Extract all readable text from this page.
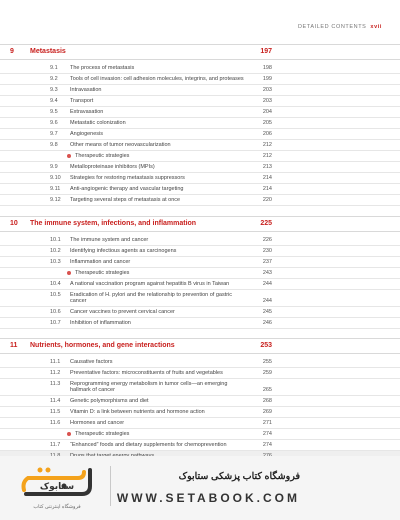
DETAILED CONTENTS xvii
9 Metastasis	197
9.1 The process of metastasis	198
9.2 Tools of cell invasion: cell adhesion molecules, integrins, and proteases	199
9.3 Intravasation	203
9.4 Transport	203
9.5 Extravasation	204
9.6 Metastatic colonization	205
9.7 Angiogenesis	206
9.8 Other means of tumor neovascularization	212
Therapeutic strategies	212
9.9 Metalloproteinase inhibitors (MPIs)	213
9.10 Strategies for restoring metastasis suppressors	214
9.11 Anti-angiogenic therapy and vascular targeting	214
9.12 Targeting several steps of metastasis at once	220
10 The immune system, infections, and inflammation	225
10.1 The immune system and cancer	226
10.2 Identifying infectious agents as carcinogens	230
10.3 Inflammation and cancer	237
Therapeutic strategies	243
10.4 A national vaccination program against hepatitis B virus in Taiwan	244
10.5 Eradication of H. pylori and the relationship to prevention of gastric cancer	244
10.6 Cancer vaccines to prevent cervical cancer	245
10.7 Inhibition of inflammation	246
11 Nutrients, hormones, and gene interactions	253
11.1 Causative factors	255
11.2 Preventative factors: microconstituents of fruits and vegetables	259
11.3 Reprogramming energy metabolism in tumor cells—an emerging hallmark of cancer	265
11.4 Genetic polymorphisms and diet	268
11.5 Vitamin D: a link between nutrients and hormone action	269
11.6 Hormones and cancer	271
Therapeutic strategies	274
11.7 “Enhanced” foods and dietary supplements for chemoprevention	274
ستابوک
فروشگاه اینترنتی کتاب
فروشگاه کتاب پزشکی ستابوک
WWW.SETABOOK.COM
